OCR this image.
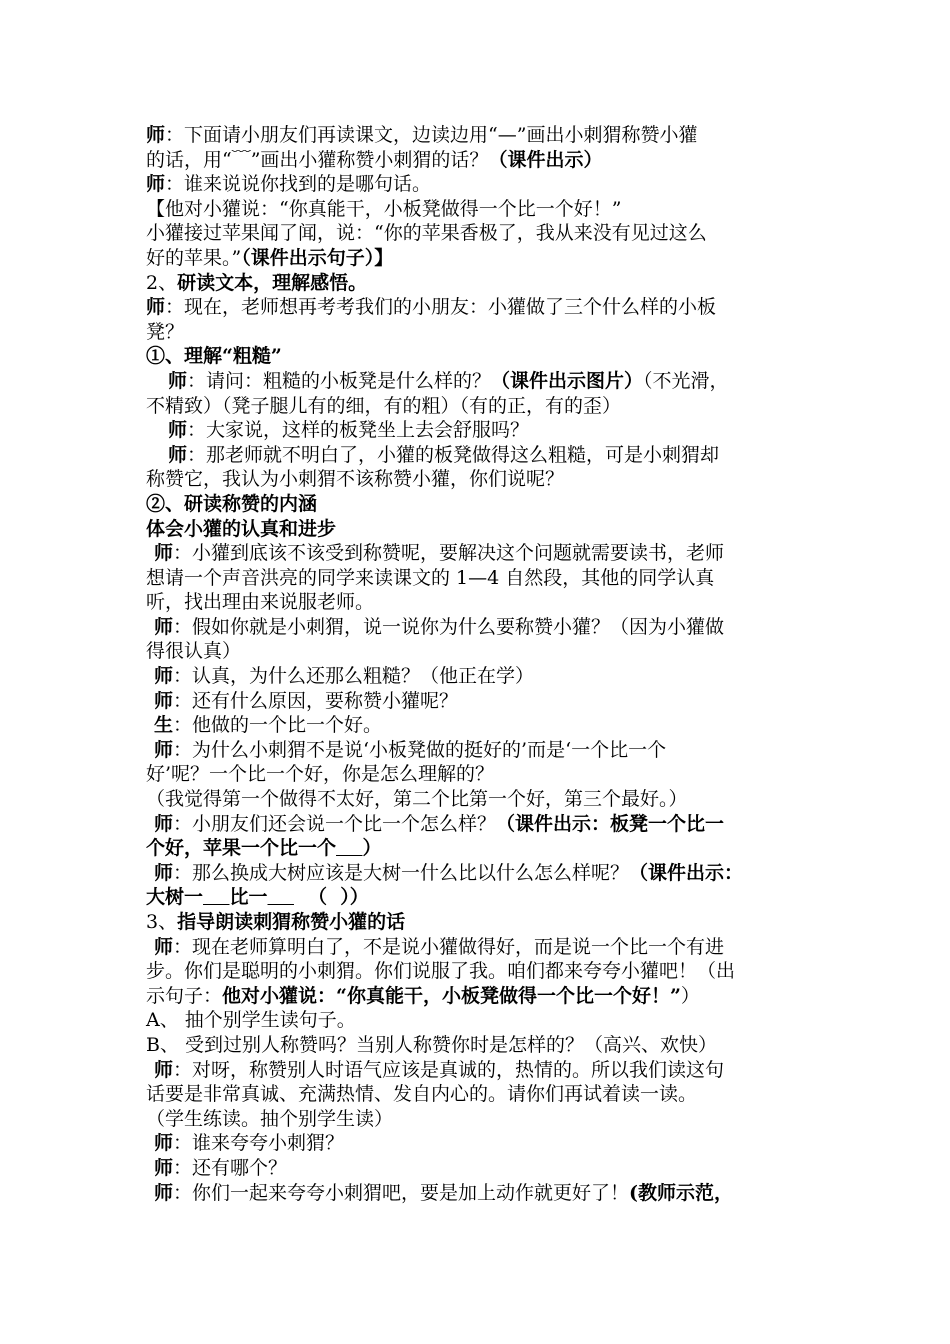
师：下面请小朋友们再读课文，边读边用“—”画出小刺猬称赞小獾

的话，用“﹋”画出小獾称赞小刺猬的话？（课件出示）

师：谁来说说你找到的是哪句话。

【他对小獾说：“你真能干，小板凳做得一个比一个好！”

小獾接过苹果闻了闻，说：“你的苹果香极了，我从来没有见过这么

好的苹果。”（课件出示句子）】

2、研读文本，理解感悟。

师：现在，老师想再考考我们的小朋友：小獾做了三个什么样的小板

凳？

①、理解“粗糙”

师：请问：粗糙的小板凳是什么样的？（课件出示图片）（不光滑，

不精致）（凳子腿儿有的细，有的粗）（有的正，有的歪）

师：大家说，这样的板凳坐上去会舒服吗？

师：那老师就不明白了，小獾的板凳做得这么粗糙，可是小刺猬却

称赞它，我认为小刺猬不该称赞小獾，你们说呢？

②、研读称赞的内涵

体会小獾的认真和进步

师：小獾到底该不该受到称赞呢，要解决这个问题就需要读书，老师

想请一个声音洪亮的同学来读课文的 1—4 自然段，其他的同学认真

听，找出理由来说服老师。

师：假如你就是小刺猬，说一说你为什么要称赞小獾？（因为小獾做

得很认真）

师：认真，为什么还那么粗糙？（他正在学）

师：还有什么原因，要称赞小獾呢？

生：他做的一个比一个好。

师：为什么小刺猬不是说‘小板凳做的挺好的’而是‘一个比一个

好’呢？一个比一个好，你是怎么理解的？

（我觉得第一个做得不太好，第二个比第一个好，第三个最好。）

师：小朋友们还会说一个比一个怎么样？（课件出示：板凳一个比一

个好，苹果一个比一个 ）

师：那么换成大树应该是大树一什么比以什么怎么样呢？（课件出示：

大树一 比一 （ ））

3、指导朗读刺猬称赞小獾的话

师：现在老师算明白了，不是说小獾做得好，而是说一个比一个有进

步。你们是聪明的小刺猬。你们说服了我。咱们都来夸夸小獾吧！（出

示句子：他对小獾说：“你真能干，小板凳做得一个比一个好！”）

A、 抽个别学生读句子。

B、 受到过别人称赞吗？当别人称赞你时是怎样的？（高兴、欢快）

师：对呀，称赞别人时语气应该是真诚的，热情的。所以我们读这句

话要是非常真诚、充满热情、发自内心的。请你们再试着读一读。

（学生练读。抽个别学生读）

师：谁来夸夸小刺猬？

师：还有哪个？

师：你们一起来夸夸小刺猬吧，要是加上动作就更好了！(教师示范，
